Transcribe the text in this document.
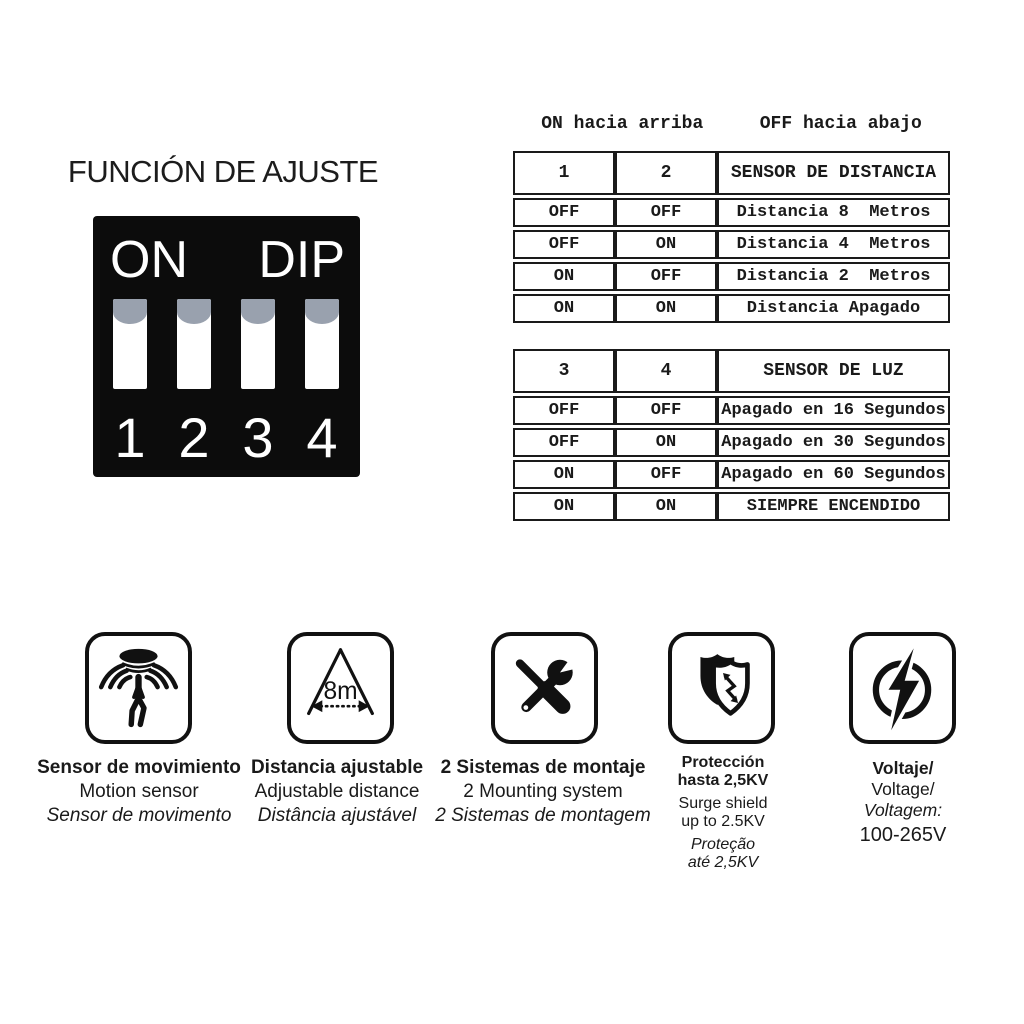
FUNCIÓN DE AJUSTE
ON DIP
1 2 3 4
ON hacia arriba	OFF hacia abajo
1	2	SENSOR DE DISTANCIA
OFF	OFF	Distancia 8  Metros
OFF	ON	Distancia 4  Metros
ON	OFF	Distancia 2  Metros
ON	ON	Distancia Apagado
3	4	SENSOR DE LUZ
OFF	OFF	Apagado en 16 Segundos
OFF	ON	Apagado en 30 Segundos
ON	OFF	Apagado en 60 Segundos
ON	ON	SIEMPRE ENCENDIDO
8m
Sensor de movimiento
Motion sensor
Sensor de movimento
Distancia ajustable
Adjustable distance
Distância ajustável
2 Sistemas de montaje
2 Mounting system
2 Sistemas de montagem
Protección
hasta 2,5KV
Surge shield
up to 2.5KV
Proteção
até 2,5KV
Voltaje/
Voltage/
Voltagem:
100-265V
